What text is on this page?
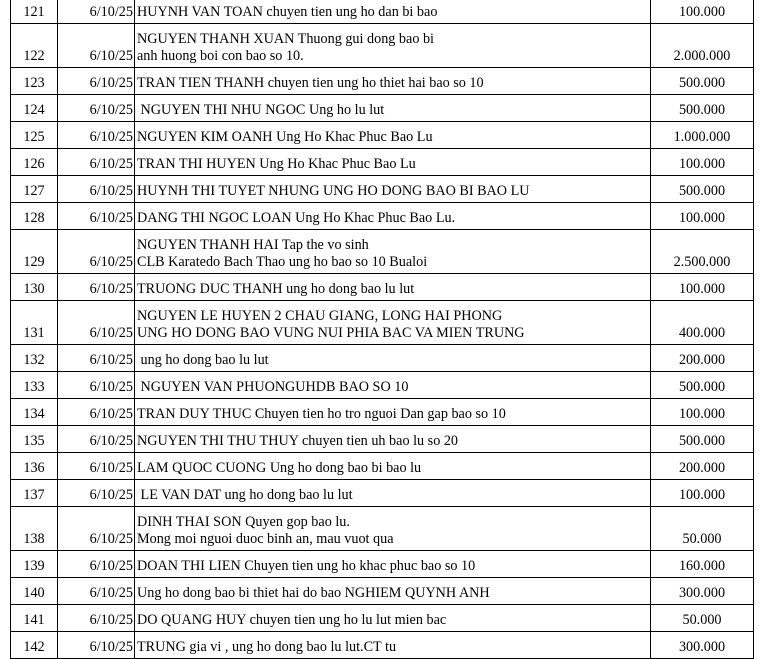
121	6/10/25	HUYNH VAN TOAN chuyen tien ung ho dan bi bao	100.000
122	6/10/25	NGUYEN THANH XUAN Thuong gui dong bao bi
anh huong boi con bao so 10.	2.000.000
123	6/10/25	TRAN TIEN THANH chuyen tien ung ho thiet hai bao so 10	500.000
124	6/10/25	NGUYEN THI NHU NGOC Ung ho lu lut	500.000
125	6/10/25	NGUYEN KIM OANH Ung Ho Khac Phuc Bao Lu	1.000.000
126	6/10/25	TRAN THI HUYEN Ung Ho Khac Phuc Bao Lu	100.000
127	6/10/25	HUYNH THI TUYET NHUNG UNG HO DONG BAO BI BAO LU	500.000
128	6/10/25	DANG THI NGOC LOAN Ung Ho Khac Phuc Bao Lu.	100.000
129	6/10/25	NGUYEN THANH HAI Tap the vo sinh
CLB Karatedo Bach Thao ung ho bao so 10 Bualoi	2.500.000
130	6/10/25	TRUONG DUC THANH ung ho dong bao lu lut	100.000
131	6/10/25	NGUYEN LE HUYEN 2 CHAU GIANG, LONG HAI PHONG
UNG HO DONG BAO VUNG NUI PHIA BAC VA MIEN TRUNG	400.000
132	6/10/25	ung ho dong bao lu lut	200.000
133	6/10/25	NGUYEN VAN PHUONGUHDB BAO SO 10	500.000
134	6/10/25	TRAN DUY THUC Chuyen tien ho tro nguoi Dan gap bao so 10	100.000
135	6/10/25	NGUYEN THI THU THUY chuyen tien uh bao lu so 20	500.000
136	6/10/25	LAM QUOC CUONG Ung ho dong bao bi bao lu	200.000
137	6/10/25	LE VAN DAT ung ho dong bao lu lut	100.000
138	6/10/25	DINH THAI SON Quyen gop bao lu.
Mong moi nguoi duoc binh an, mau vuot qua	50.000
139	6/10/25	DOAN THI LIEN Chuyen tien ung ho khac phuc bao so 10	160.000
140	6/10/25	Ung ho dong bao bi thiet hai do bao NGHIEM QUYNH ANH	300.000
141	6/10/25	DO QUANG HUY chuyen tien ung ho lu lut mien bac	50.000
142	6/10/25	TRUNG gia vi , ung ho dong bao lu lut.CT tu	300.000
